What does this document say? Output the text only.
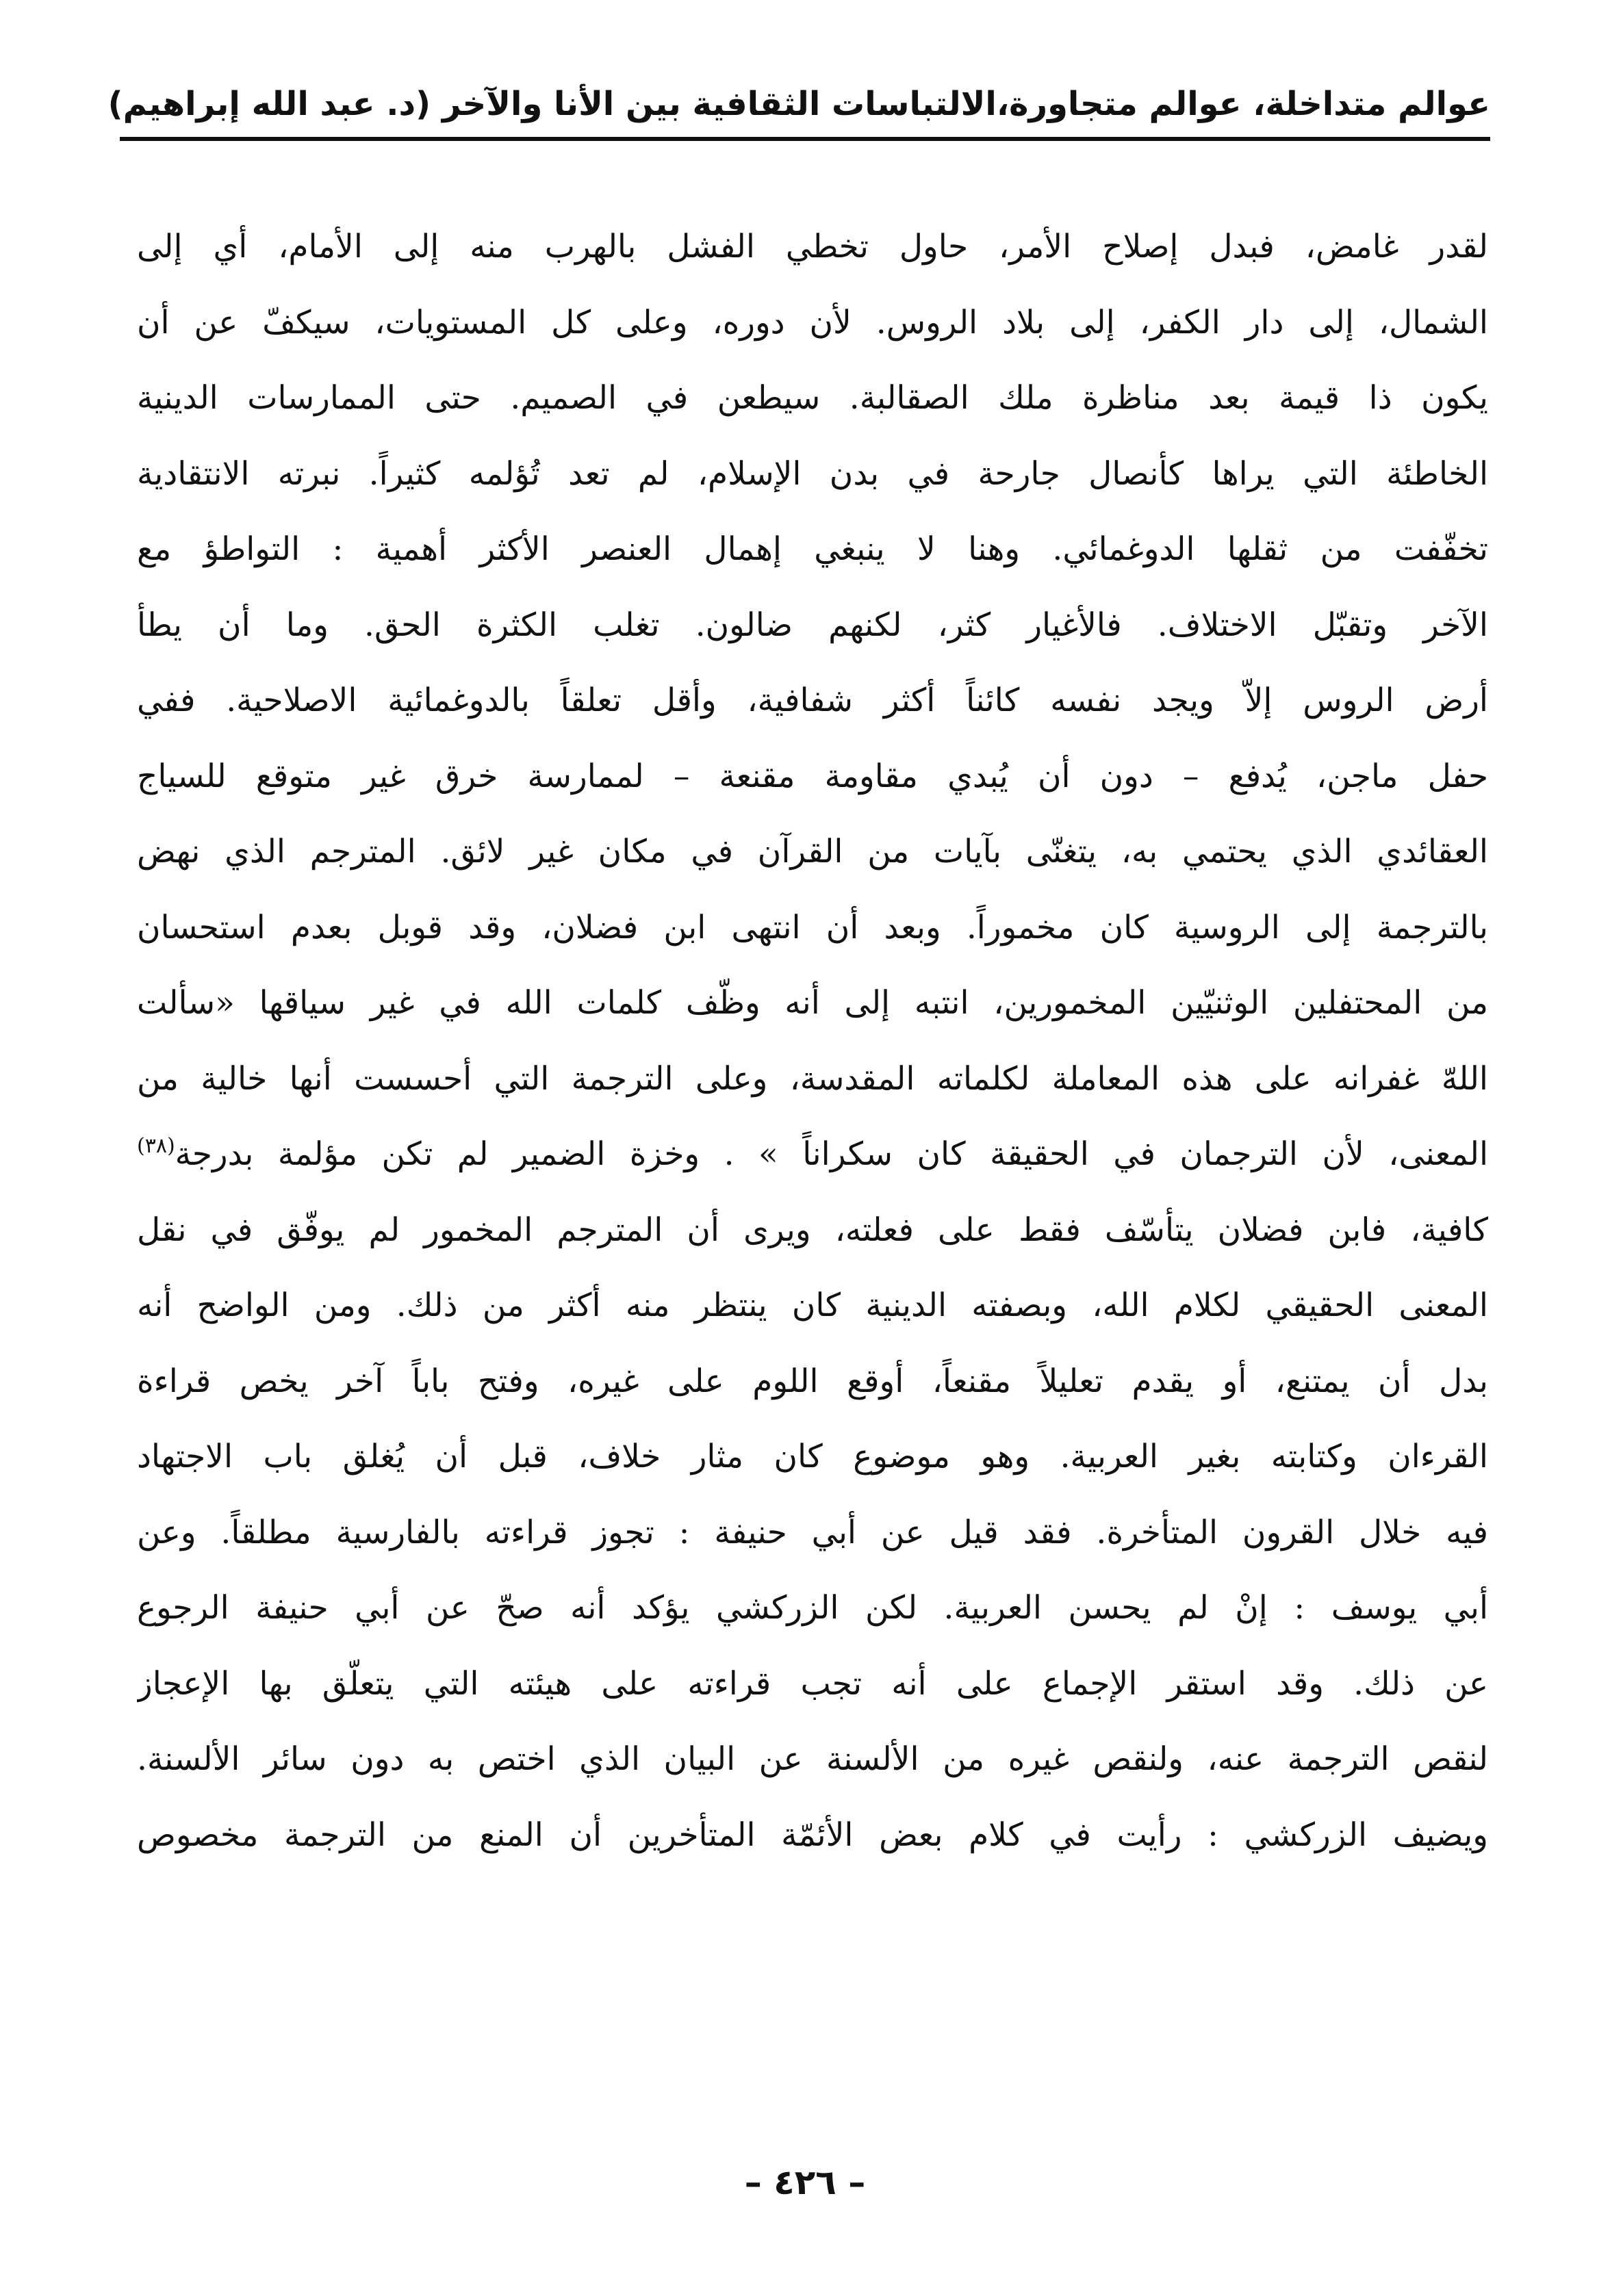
عوالم متداخلة، عوالم متجاورة،الالتباسات الثقافية بين الأنا والآخر (د. عبد الله إبراهيم)
لقدر غامض، فبدل إصلاح الأمر، حاول تخطي الفشل بالهرب منه إلى الأمام، أي إلى
الشمال، إلى دار الكفر، إلى بلاد الروس. لأن دوره، وعلى كل المستويات، سيكفّ عن أن
يكون ذا قيمة بعد مناظرة ملك الصقالبة. سيطعن في الصميم. حتى الممارسات الدينية
الخاطئة التي يراها كأنصال جارحة في بدن الإسلام، لم تعد تُؤلمه كثيراً. نبرته الانتقادية
تخفّفت من ثقلها الدوغمائي. وهنا لا ينبغي إهمال العنصر الأكثر أهمية : التواطؤ مع
الآخر وتقبّل الاختلاف. فالأغيار كثر، لكنهم ضالون. تغلب الكثرة الحق. وما أن يطأ
أرض الروس إلاّ ويجد نفسه كائناً أكثر شفافية، وأقل تعلقاً بالدوغمائية الاصلاحية. ففي
حفل ماجن، يُدفع – دون أن يُبدي مقاومة مقنعة – لممارسة خرق غير متوقع للسياج
العقائدي الذي يحتمي به، يتغنّى بآيات من القرآن في مكان غير لائق. المترجم الذي نهض
بالترجمة إلى الروسية كان مخموراً. وبعد أن انتهى ابن فضلان، وقد قوبل بعدم استحسان
من المحتفلين الوثنيّين المخمورين، انتبه إلى أنه وظّف كلمات الله في غير سياقها «سألت
اللهّ غفرانه على هذه المعاملة لكلماته المقدسة، وعلى الترجمة التي أحسست أنها خالية من
المعنى، لأن الترجمان في الحقيقة كان سكراناً » . وخزة الضمير لم تكن مؤلمة بدرجة$^{(٣٨)}$
كافية، فابن فضلان يتأسّف فقط على فعلته، ويرى أن المترجم المخمور لم يوفّق في نقل
المعنى الحقيقي لكلام الله، وبصفته الدينية كان ينتظر منه أكثر من ذلك. ومن الواضح أنه
بدل أن يمتنع، أو يقدم تعليلاً مقنعاً، أوقع اللوم على غيره، وفتح باباً آخر يخص قراءة
القرءان وكتابته بغير العربية. وهو موضوع كان مثار خلاف، قبل أن يُغلق باب الاجتهاد
فيه خلال القرون المتأخرة. فقد قيل عن أبي حنيفة : تجوز قراءته بالفارسية مطلقاً. وعن
أبي يوسف : إنْ لم يحسن العربية. لكن الزركشي يؤكد أنه صحّ عن أبي حنيفة الرجوع
عن ذلك. وقد استقر الإجماع على أنه تجب قراءته على هيئته التي يتعلّق بها الإعجاز
لنقص الترجمة عنه، ولنقص غيره من الألسنة عن البيان الذي اختص به دون سائر الألسنة.
ويضيف الزركشي : رأيت في كلام بعض الأئمّة المتأخرين أن المنع من الترجمة مخصوص
– ٤٢٦ –
